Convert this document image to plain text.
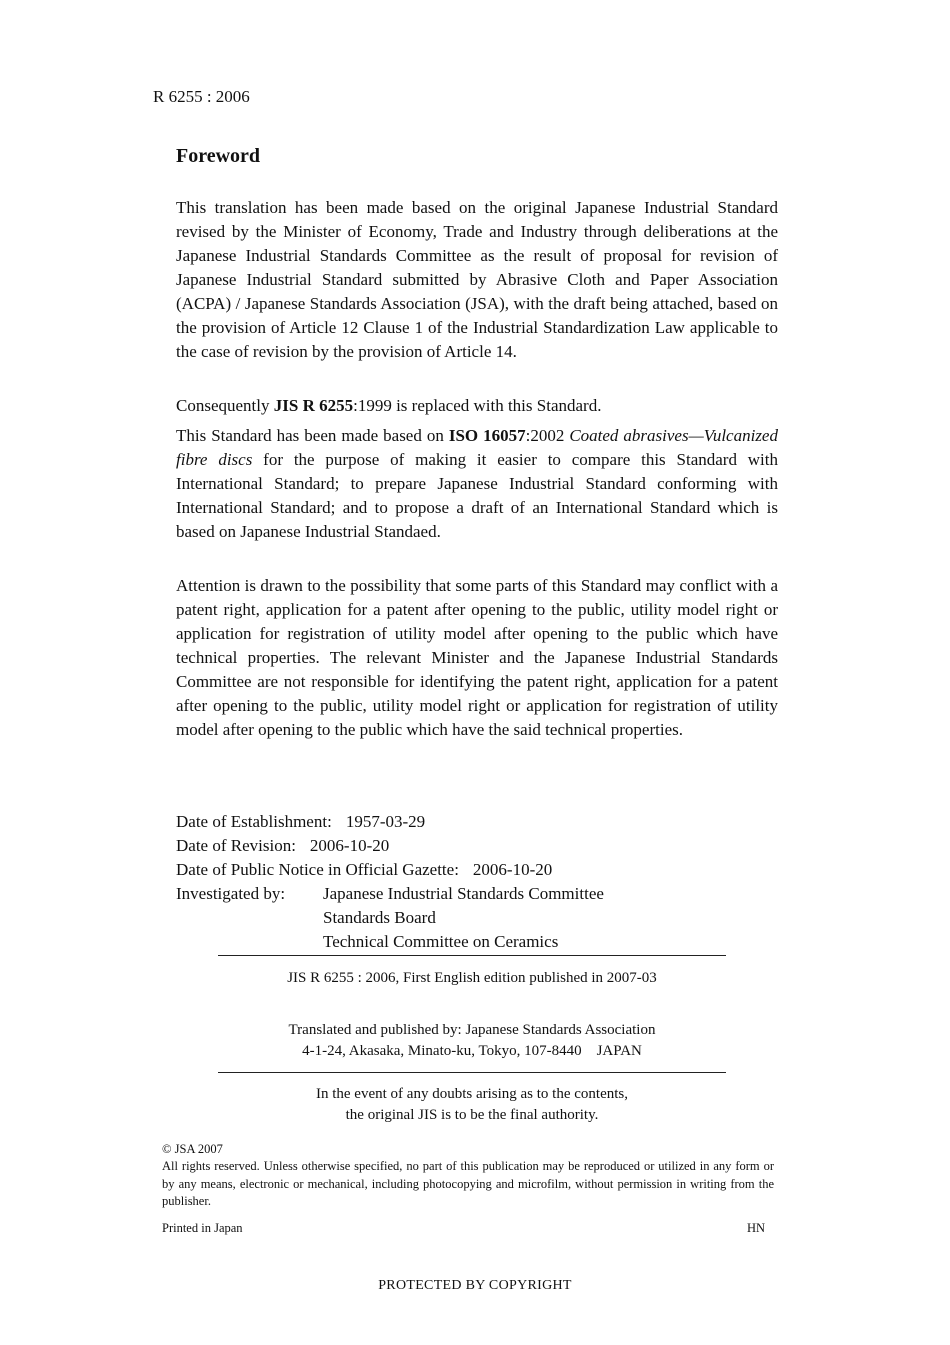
R 6255 : 2006
Foreword
This translation has been made based on the original Japanese Industrial Standard revised by the Minister of Economy, Trade and Industry through deliberations at the Japanese Industrial Standards Committee as the result of proposal for revision of Japanese Industrial Standard submitted by Abrasive Cloth and Paper Association (ACPA) / Japanese Standards Association (JSA), with the draft being attached, based on the provision of Article 12 Clause 1 of the Industrial Standardization Law applicable to the case of revision by the provision of Article 14.
Consequently JIS R 6255:1999 is replaced with this Standard.
This Standard has been made based on ISO 16057:2002 Coated abrasives—Vulcanized fibre discs for the purpose of making it easier to compare this Standard with International Standard; to prepare Japanese Industrial Standard conforming with International Standard; and to propose a draft of an International Standard which is based on Japanese Industrial Standaed.
Attention is drawn to the possibility that some parts of this Standard may conflict with a patent right, application for a patent after opening to the public, utility model right or application for registration of utility model after opening to the public which have technical properties. The relevant Minister and the Japanese Industrial Standards Committee are not responsible for identifying the patent right, application for a patent after opening to the public, utility model right or application for registration of utility model after opening to the public which have the said technical properties.
Date of Establishment: 1957-03-29
Date of Revision: 2006-10-20
Date of Public Notice in Official Gazette: 2006-10-20
Investigated by: Japanese Industrial Standards Committee
Standards Board
Technical Committee on Ceramics
JIS R 6255 : 2006, First English edition published in 2007-03
Translated and published by: Japanese Standards Association
4-1-24, Akasaka, Minato-ku, Tokyo, 107-8440 JAPAN
In the event of any doubts arising as to the contents,
the original JIS is to be the final authority.
© JSA 2007
All rights reserved. Unless otherwise specified, no part of this publication may be reproduced or utilized in any form or by any means, electronic or mechanical, including photocopying and microfilm, without permission in writing from the publisher.
Printed in Japan	HN
PROTECTED BY COPYRIGHT
